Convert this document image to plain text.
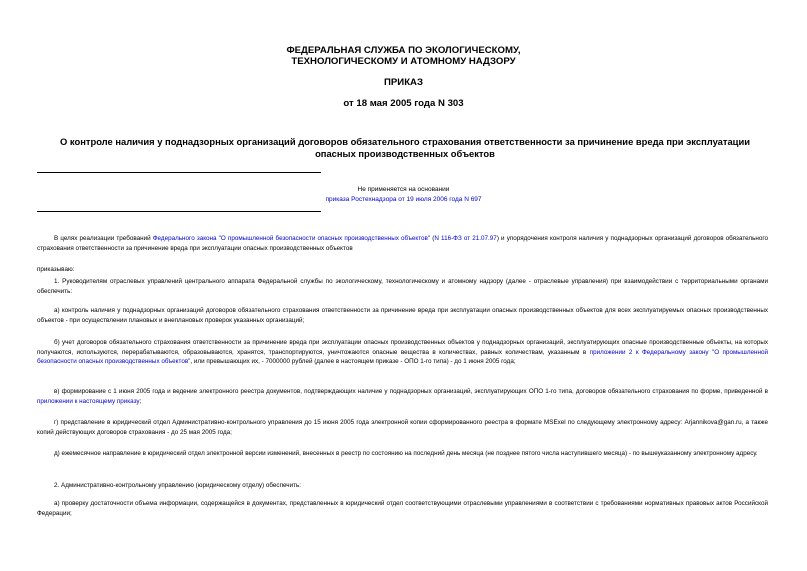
ФЕДЕРАЛЬНАЯ СЛУЖБА ПО ЭКОЛОГИЧЕСКОМУ,
ТЕХНОЛОГИЧЕСКОМУ И АТОМНОМУ НАДЗОРУ
ПРИКАЗ
от 18 мая 2005 года N 303
О контроле наличия у поднадзорных организаций договоров обязательного страхования ответственности за причинение вреда при эксплуатации опасных производственных объектов
Не применяется на основании
приказа Ростехнадзора от 19 июля 2006 года N 697
В целях реализации требований Федерального закона "О промышленной безопасности опасных производственных объектов" (N 116-ФЗ от 21.07.97) и упорядочения контроля наличия у поднадзорных организаций договоров обязательного страхования ответственности за причинение вреда при эксплуатации опасных производственных объектов
приказываю:
1. Руководителям отраслевых управлений центрального аппарата Федеральной службы по экологическому, технологическому и атомному надзору (далее - отраслевые управления) при взаимодействии с территориальными органами обеспечить:
а) контроль наличия у поднадзорных организаций договоров обязательного страхования ответственности за причинение вреда при эксплуатации опасных производственных объектов для всех эксплуатируемых опасных производственных объектов - при осуществлении плановых и внеплановых проверок указанных организаций;
б) учет договоров обязательного страхования ответственности за причинение вреда при эксплуатации опасных производственных объектов у поднадзорных организаций, эксплуатирующих опасные производственные объекты, на которых получаются, используются, перерабатываются, образовываются, хранятся, транспортируются, уничтожаются опасные вещества в количествах, равных количествам, указанным в приложении 2 к Федеральному закону "О промышленной безопасности опасных производственных объектов", или превышающих их, - 7000000 рублей (далее в настоящем приказе - ОПО 1-го типа) - до 1 июня 2005 года;
в) формирование с 1 июня 2005 года и ведение электронного реестра документов, подтверждающих наличие у поднадзорных организаций, эксплуатирующих ОПО 1-го типа, договоров обязательного страхования по форме, приведенной в приложении к настоящему приказу;
г) представление в юридический отдел Административно-контрольного управления до 15 июня 2005 года электронной копии сформированного реестра в формате MSExel по следующему электронному адресу: Arjannikova@gan.ru, а также копий действующих договоров страхования - до 25 мая 2005 года;
д) ежемесячное направление в юридический отдел электронной версии изменений, внесенных в реестр по состоянию на последний день месяца (не позднее пятого числа наступившего месяца) - по вышеуказанному электронному адресу.
2. Административно-контрольному управлению (юридическому отделу) обеспечить:
а) проверку достаточности объема информации, содержащейся в документах, представленных в юридический отдел соответствующими отраслевыми управлениями в соответствии с требованиями нормативных правовых актов Российской Федерации;
